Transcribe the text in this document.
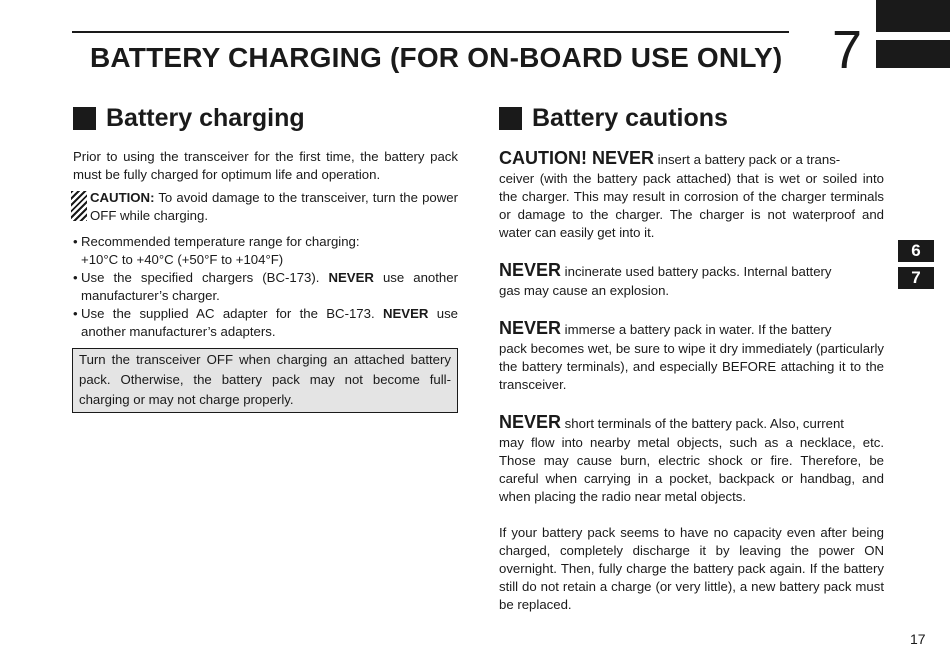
BATTERY CHARGING (FOR ON-BOARD USE ONLY) 7
6
7
Battery charging

Prior to using the transceiver for the first time, the battery pack must be fully charged for optimum life and operation.

CAUTION: To avoid damage to the transceiver, turn the power OFF while charging.
• Recommended temperature range for charging:
+10°C to +40°C (+50°F to +104°F)
• Use the specified chargers (BC-173). NEVER use another manufacturer’s charger.
• Use the supplied AC adapter for the BC-173. NEVER use another manufacturer’s adapters.
Turn the transceiver OFF when charging an attached battery pack. Otherwise, the battery pack may not become full-charging or may not charge properly.
Battery cautions

CAUTION! NEVER insert a battery pack or a trans-

ceiver (with the battery pack attached) that is wet or soiled into the charger. This may result in corrosion of the charger terminals or damage to the charger. The charger is not waterproof and water can easily get into it.

NEVER incinerate used battery packs. Internal battery

gas may cause an explosion.

NEVER immerse a battery pack in water. If the battery

pack becomes wet, be sure to wipe it dry immediately (particularly the battery terminals), and especially BEFORE attaching it to the transceiver.

NEVER short terminals of the battery pack. Also, current

may flow into nearby metal objects, such as a necklace, etc. Those may cause burn, electric shock or fire. Therefore, be careful when carrying in a pocket, backpack or handbag, and when placing the radio near metal objects.

If your battery pack seems to have no capacity even after being charged, completely discharge it by leaving the power ON overnight. Then, fully charge the battery pack again. If the battery still do not retain a charge (or very little), a new battery pack must be replaced.

17
